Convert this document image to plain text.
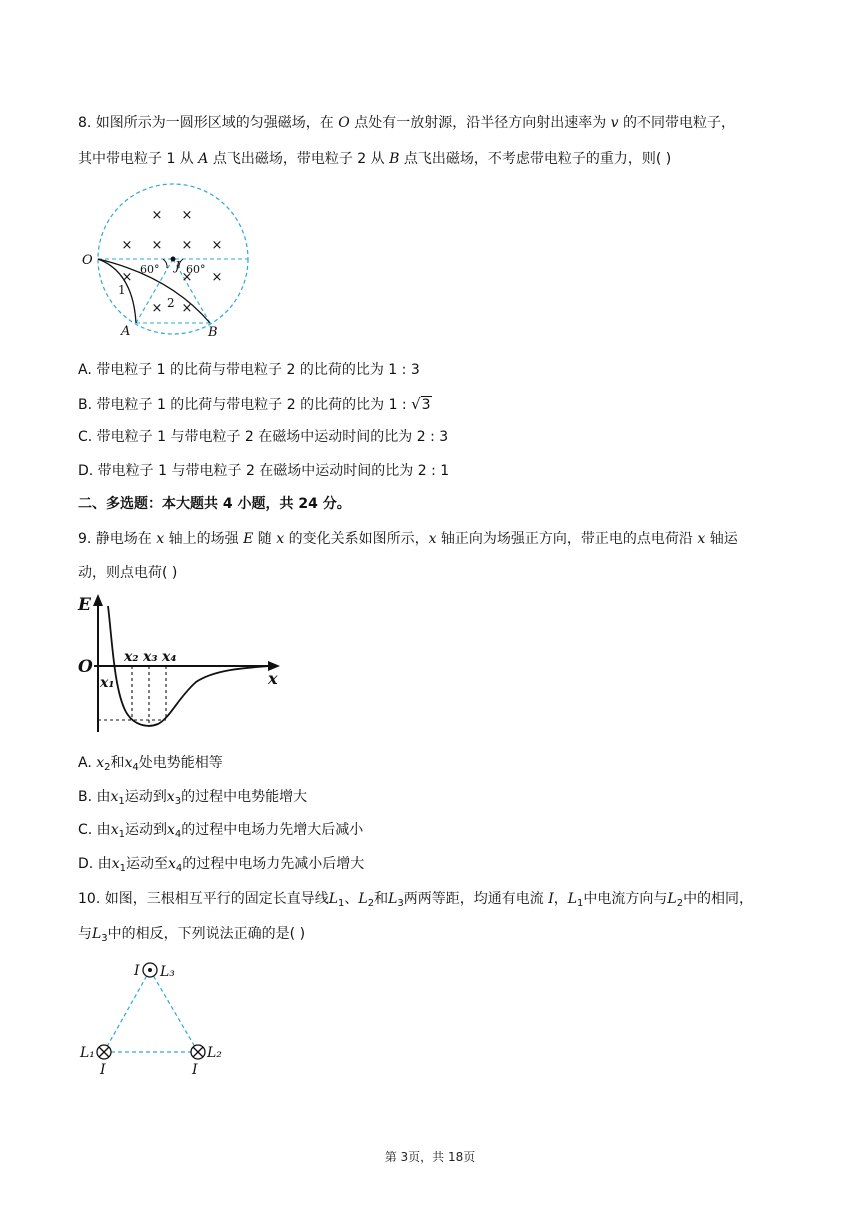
8. 如图所示为一圆形区域的匀强磁场，在 O 点处有一放射源，沿半径方向射出速率为 v 的不同带电粒子，
其中带电粒子 1 从 A 点飞出磁场，带电粒子 2 从 B 点飞出磁场，不考虑带电粒子的重力，则( )
× ×
× × × ×
×	× ×
× ×
O	J
A	B
60° 60°
1
2
A. 带电粒子 1 的比荷与带电粒子 2 的比荷的比为 1 : 3
B. 带电粒子 1 的比荷与带电粒子 2 的比荷的比为 1 : √3
C. 带电粒子 1 与带电粒子 2 在磁场中运动时间的比为 2 : 3
D. 带电粒子 1 与带电粒子 2 在磁场中运动时间的比为 2 : 1
二、多选题：本大题共 4 小题，共 24 分。
9. 静电场在 x 轴上的场强 E 随 x 的变化关系如图所示，x 轴正向为场强正方向，带正电的点电荷沿 x 轴运
动，则点电荷( )
E
O
x
x₁
x₂ x₃ x₄
A. $x_2$和$x_4$处电势能相等
B. 由$x_1$运动到$x_3$的过程中电势能增大
C. 由$x_1$运动到$x_4$的过程中电场力先增大后减小
D. 由$x_1$运动至$x_4$的过程中电场力先减小后增大
10. 如图，三根相互平行的固定长直导线$L_1$、$L_2$和$L_3$两两等距，均通有电流 I，$L_1$中电流方向与$L_2$中的相同，
与$L_3$中的相反，下列说法正确的是( )
I L₃
L₁
I
L₂
I
第 3页，共 18页
